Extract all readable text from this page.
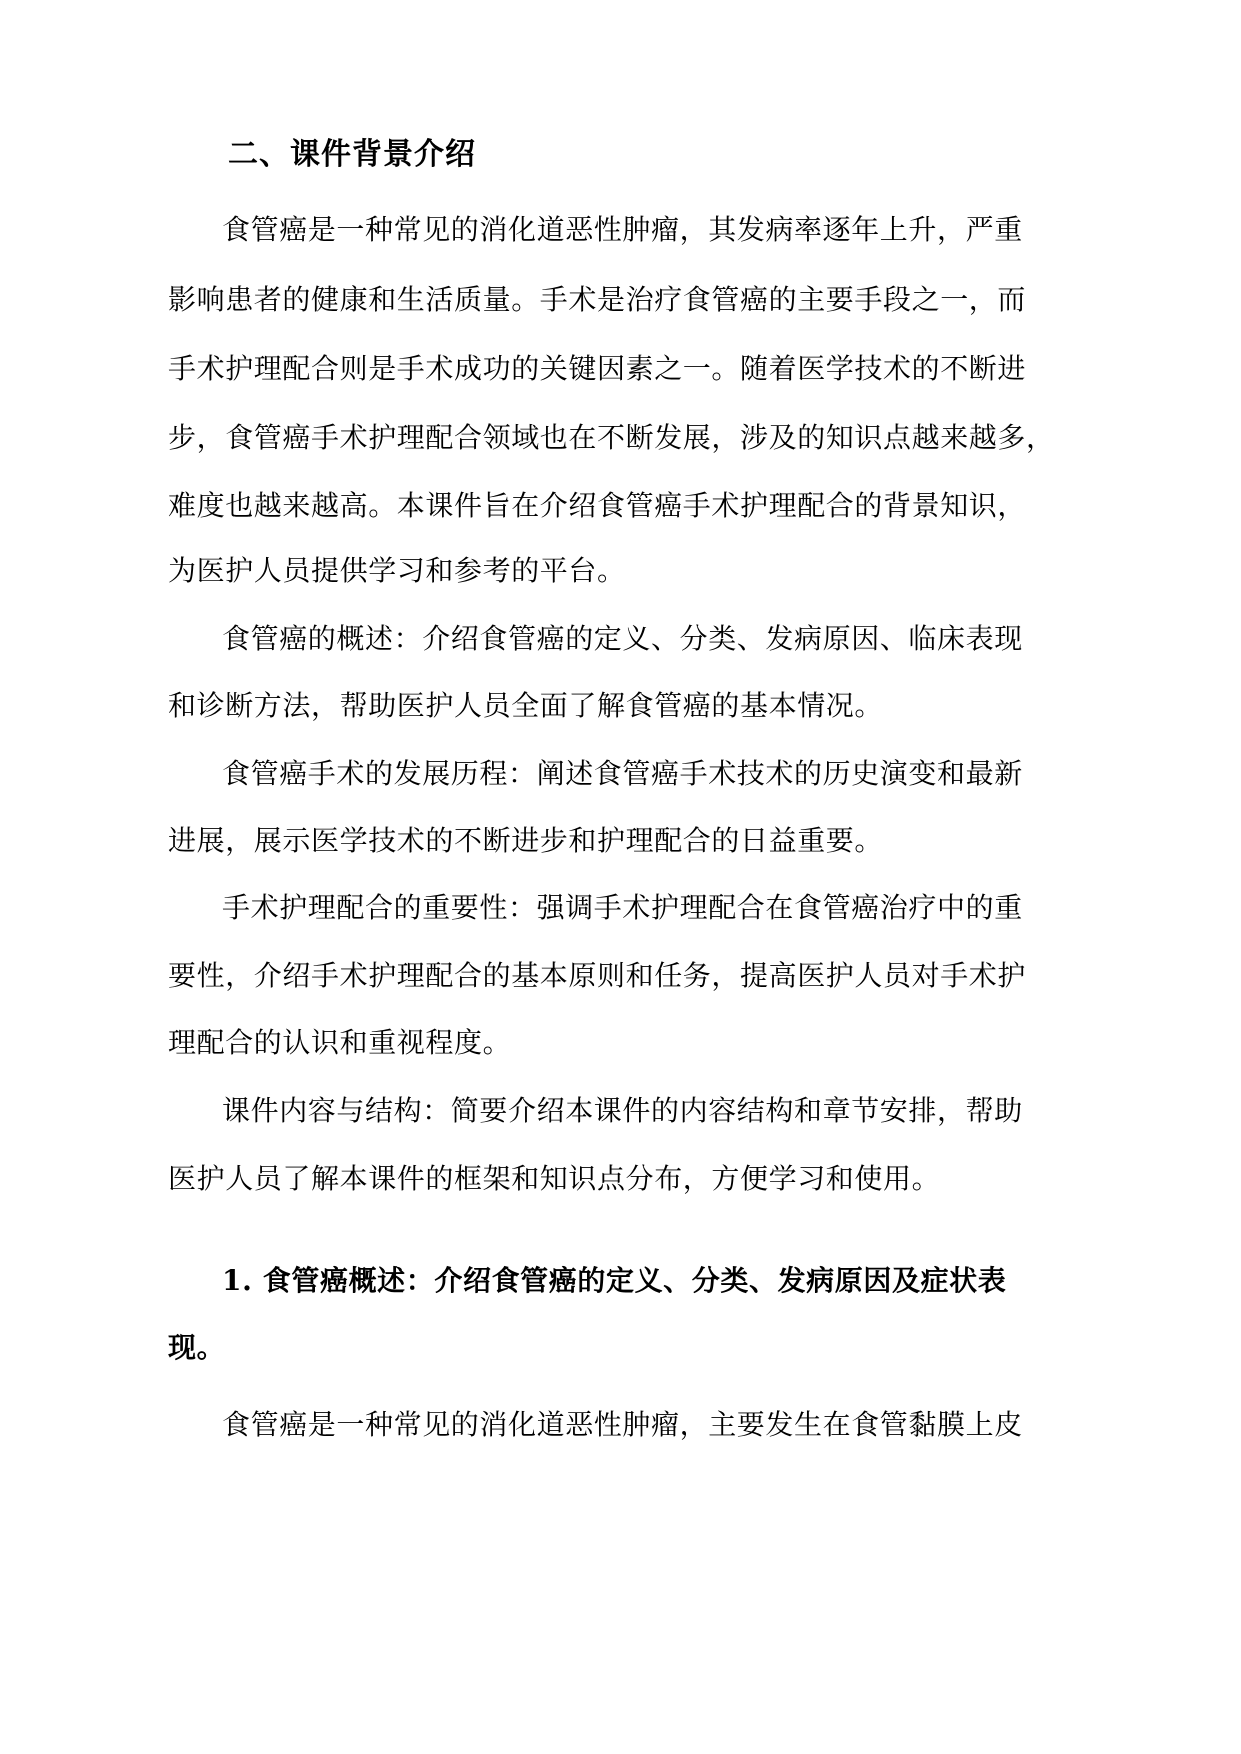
二、课件背景介绍
食管癌是一种常见的消化道恶性肿瘤，其发病率逐年上升，严重
影响患者的健康和生活质量。手术是治疗食管癌的主要手段之一，而
手术护理配合则是手术成功的关键因素之一。随着医学技术的不断进
步，食管癌手术护理配合领域也在不断发展，涉及的知识点越来越多，
难度也越来越高。本课件旨在介绍食管癌手术护理配合的背景知识，
为医护人员提供学习和参考的平台。
食管癌的概述：介绍食管癌的定义、分类、发病原因、临床表现
和诊断方法，帮助医护人员全面了解食管癌的基本情况。
食管癌手术的发展历程：阐述食管癌手术技术的历史演变和最新
进展，展示医学技术的不断进步和护理配合的日益重要。
手术护理配合的重要性：强调手术护理配合在食管癌治疗中的重
要性，介绍手术护理配合的基本原则和任务，提高医护人员对手术护
理配合的认识和重视程度。
课件内容与结构：简要介绍本课件的内容结构和章节安排，帮助
医护人员了解本课件的框架和知识点分布，方便学习和使用。
1. 食管癌概述：介绍食管癌的定义、分类、发病原因及症状表
现。
食管癌是一种常见的消化道恶性肿瘤，主要发生在食管黏膜上皮
